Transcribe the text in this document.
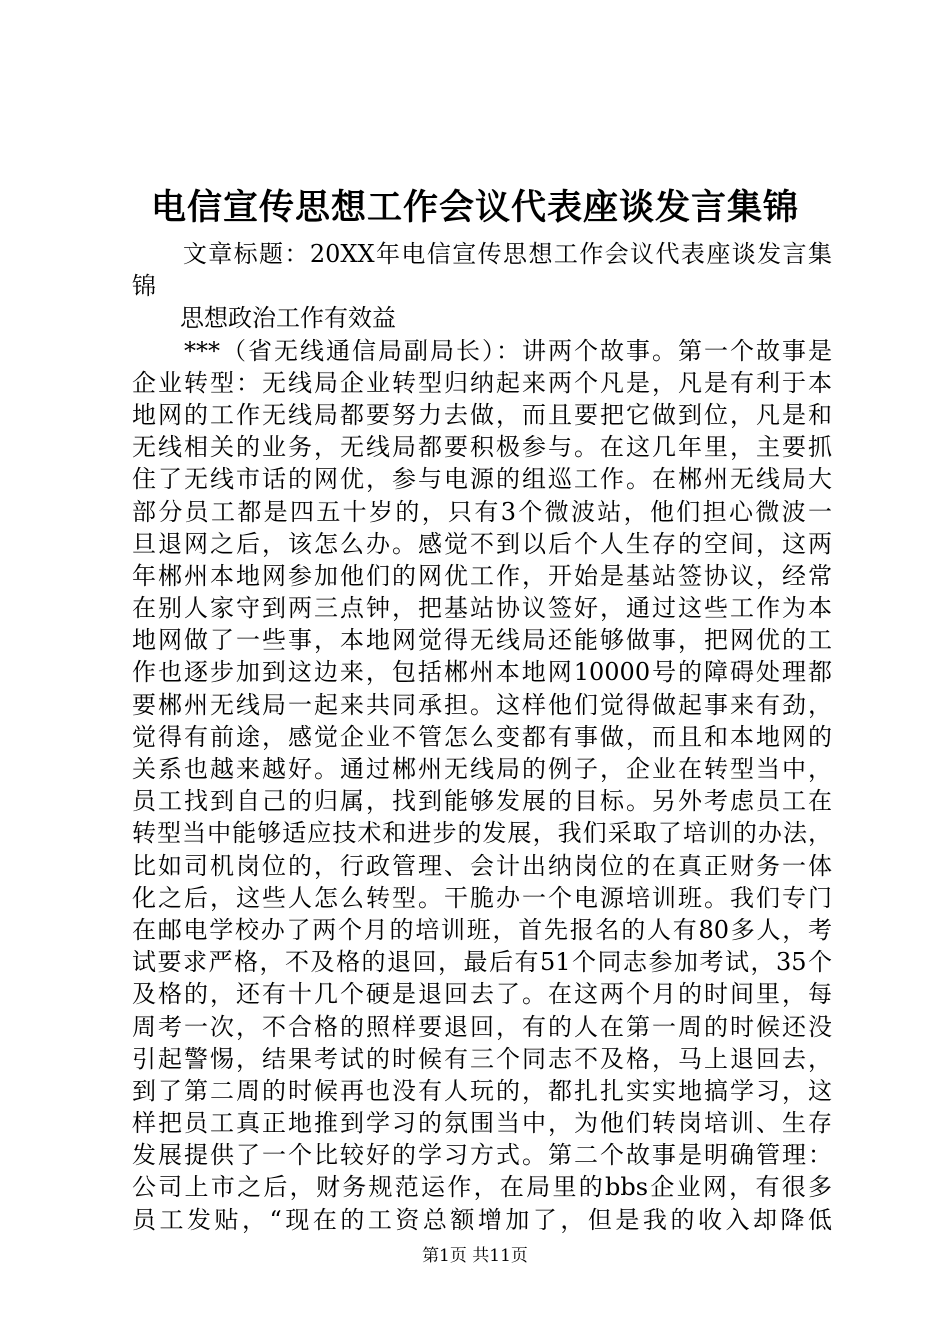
电信宣传思想工作会议代表座谈发言集锦
　　文章标题：20XX年电信宣传思想工作会议代表座谈发言集
锦
　　思想政治工作有效益
　　***（省无线通信局副局长）：讲两个故事。第一个故事是
企业转型：无线局企业转型归纳起来两个凡是，凡是有利于本
地网的工作无线局都要努力去做，而且要把它做到位，凡是和
无线相关的业务，无线局都要积极参与。在这几年里，主要抓
住了无线市话的网优，参与电源的组巡工作。在郴州无线局大
部分员工都是四五十岁的，只有3个微波站，他们担心微波一
旦退网之后，该怎么办。感觉不到以后个人生存的空间，这两
年郴州本地网参加他们的网优工作，开始是基站签协议，经常
在别人家守到两三点钟，把基站协议签好，通过这些工作为本
地网做了一些事，本地网觉得无线局还能够做事，把网优的工
作也逐步加到这边来，包括郴州本地网10000号的障碍处理都
要郴州无线局一起来共同承担。这样他们觉得做起事来有劲，
觉得有前途，感觉企业不管怎么变都有事做，而且和本地网的
关系也越来越好。通过郴州无线局的例子，企业在转型当中，
员工找到自己的归属，找到能够发展的目标。另外考虑员工在
转型当中能够适应技术和进步的发展，我们采取了培训的办法，
比如司机岗位的，行政管理、会计出纳岗位的在真正财务一体
化之后，这些人怎么转型。干脆办一个电源培训班。我们专门
在邮电学校办了两个月的培训班，首先报名的人有80多人，考
试要求严格，不及格的退回，最后有51个同志参加考试，35个
及格的，还有十几个硬是退回去了。在这两个月的时间里，每
周考一次，不合格的照样要退回，有的人在第一周的时候还没
引起警惕，结果考试的时候有三个同志不及格，马上退回去，
到了第二周的时候再也没有人玩的，都扎扎实实地搞学习，这
样把员工真正地推到学习的氛围当中，为他们转岗培训、生存
发展提供了一个比较好的学习方式。第二个故事是明确管理：
公司上市之后，财务规范运作，在局里的bbs企业网，有很多
员工发贴，“现在的工资总额增加了，但是我的收入却降低
第1页 共11页
